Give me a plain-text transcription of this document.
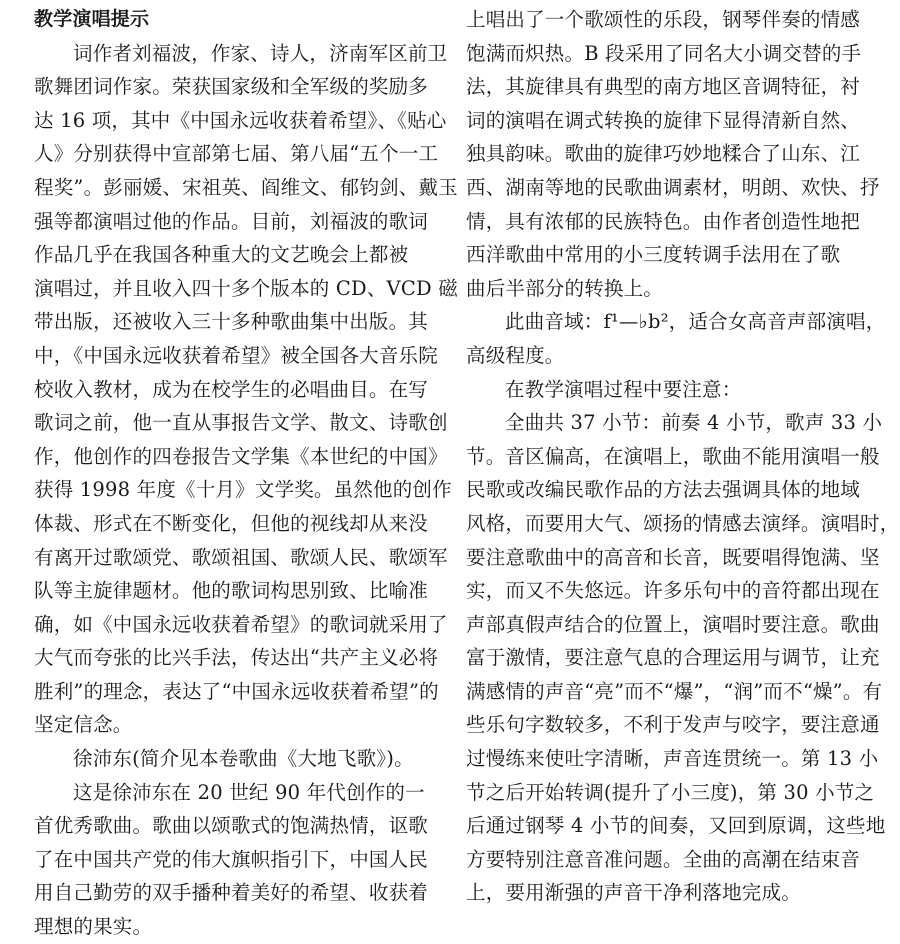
教学演唱提示
词作者刘福波，作家、诗人，济南军区前卫
歌舞团词作家。荣获国家级和全军级的奖励多
达 16 项，其中《中国永远收获着希望》、《贴心
人》分别获得中宣部第七届、第八届“五个一工
程奖”。彭丽媛、宋祖英、阎维文、郁钧剑、戴玉
强等都演唱过他的作品。目前，刘福波的歌词
作品几乎在我国各种重大的文艺晚会上都被
演唱过，并且收入四十多个版本的 CD、VCD 磁
带出版，还被收入三十多种歌曲集中出版。其
中，《中国永远收获着希望》被全国各大音乐院
校收入教材，成为在校学生的必唱曲目。在写
歌词之前，他一直从事报告文学、散文、诗歌创
作，他创作的四卷报告文学集《本世纪的中国》
获得 1998 年度《十月》文学奖。虽然他的创作
体裁、形式在不断变化，但他的视线却从来没
有离开过歌颂党、歌颂祖国、歌颂人民、歌颂军
队等主旋律题材。他的歌词构思别致、比喻准
确，如《中国永远收获着希望》的歌词就采用了
大气而夸张的比兴手法，传达出“共产主义必将
胜利”的理念，表达了“中国永远收获着希望”的
坚定信念。
徐沛东(简介见本卷歌曲《大地飞歌》)。
这是徐沛东在 20 世纪 90 年代创作的一
首优秀歌曲。歌曲以颂歌式的饱满热情，讴歌
了在中国共产党的伟大旗帜指引下，中国人民
用自己勤劳的双手播种着美好的希望、收获着
理想的果实。
上唱出了一个歌颂性的乐段，钢琴伴奏的情感
饱满而炽热。B 段采用了同名大小调交替的手
法，其旋律具有典型的南方地区音调特征，衬
词的演唱在调式转换的旋律下显得清新自然、
独具韵味。歌曲的旋律巧妙地糅合了山东、江
西、湖南等地的民歌曲调素材，明朗、欢快、抒
情，具有浓郁的民族特色。由作者创造性地把
西洋歌曲中常用的小三度转调手法用在了歌
曲后半部分的转换上。
此曲音域：f¹—♭b²，适合女高音声部演唱，
高级程度。
在教学演唱过程中要注意：
全曲共 37 小节：前奏 4 小节，歌声 33 小
节。音区偏高，在演唱上，歌曲不能用演唱一般
民歌或改编民歌作品的方法去强调具体的地域
风格，而要用大气、颂扬的情感去演绎。演唱时，
要注意歌曲中的高音和长音，既要唱得饱满、坚
实，而又不失悠远。许多乐句中的音符都出现在
声部真假声结合的位置上，演唱时要注意。歌曲
富于激情，要注意气息的合理运用与调节，让充
满感情的声音“亮”而不“爆”，“润”而不“燥”。有
些乐句字数较多，不利于发声与咬字，要注意通
过慢练来使吐字清晰，声音连贯统一。第 13 小
节之后开始转调(提升了小三度)，第 30 小节之
后通过钢琴 4 小节的间奏，又回到原调，这些地
方要特别注意音准问题。全曲的高潮在结束音
上，要用渐强的声音干净利落地完成。
